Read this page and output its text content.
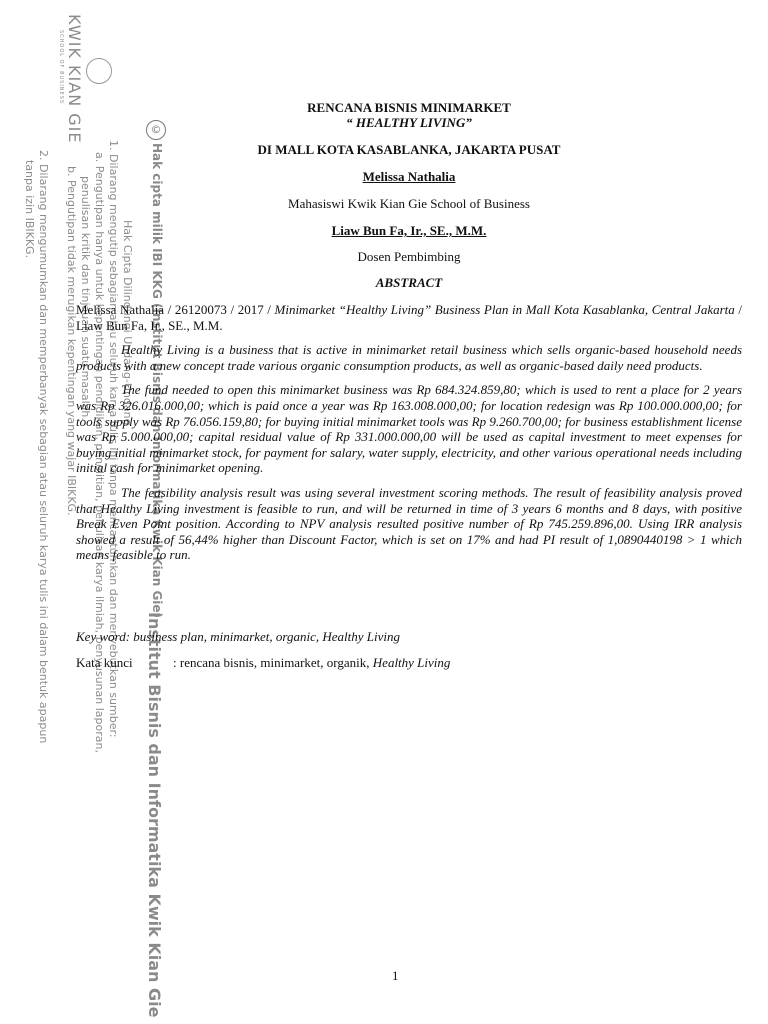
KWIK KIAN GIE
SCHOOL OF BUSINESS
©
Hak cipta milik IBI KKG (Institut Bisnis dan Informatika Kwik Kian Gie)
Hak Cipta Dilindungi Undang-Undang
1. Dilarang mengutip sebagian atau seluruh karya tulis ini tanpa mencantumkan dan menyebutkan sumber:
a. Pengutipan hanya untuk kepentingan pendidikan, penelitian, penulisan karya ilmiah, penyusunan laporan,
penulisan kritik dan tinjauan suatu masalah.
b. Pengutipan tidak merugikan kepentingan yang wajar IBIKKG.
2. Dilarang mengumumkan dan memperbanyak sebagian atau seluruh karya tulis ini dalam bentuk apapun
tanpa izin IBIKKG.
Institut Bisnis dan Informatika Kwik Kian Gie
RENCANA BISNIS MINIMARKET
“ HEALTHY LIVING”
DI MALL KOTA KASABLANKA, JAKARTA PUSAT
Melissa Nathalia
Mahasiswi Kwik Kian Gie School of Business
Liaw Bun Fa, Ir., SE., M.M.
Dosen Pembimbing
ABSTRACT

Melissa Nathalia / 26120073 / 2017 / Minimarket “Healthy Living” Business Plan in Mall Kota Kasablanka, Central Jakarta / Liaw Bun Fa, Ir., SE., M.M.

Healthy Living is a business that is active in minimarket retail business which sells organic-based household needs products with a new concept trade various organic consumption products, as well as organic-based daily need products.

The fund needed to open this minimarket business was Rp 684.324.859,80; which is used to rent a place for 2 years was Rp 326.016.000,00; which is paid once a year was Rp 163.008.000,00; for location redesign was Rp 100.000.000,00; for tools supply was Rp 76.056.159,80; for buying initial minimarket tools was Rp 9.260.700,00; for business establishment license was Rp 5.000.000,00; capital residual value of Rp 331.000.000,00 will be used as capital investment to meet expenses for buying initial minimarket stock, for payment for salary, water supply, electricity, and other various operational needs including initial cash for minimarket opening.

The feasibility analysis result was using several investment scoring methods. The result of feasibility analysis proved that Healthy Living investment is feasible to run, and will be returned in time of 3 years 6 months and 8 days, with positive Break Even Point position. According to NPV analysis resulted positive number of Rp 745.259.896,00. Using IRR analysis showed a result of 56,44% higher than Discount Factor, which is set on 17% and had PI result of 1,0890440198 > 1 which means feasible to run.

Key word: business plan, minimarket, organic, Healthy Living
Kata kunci	: rencana bisnis, minimarket, organik, Healthy Living
1
